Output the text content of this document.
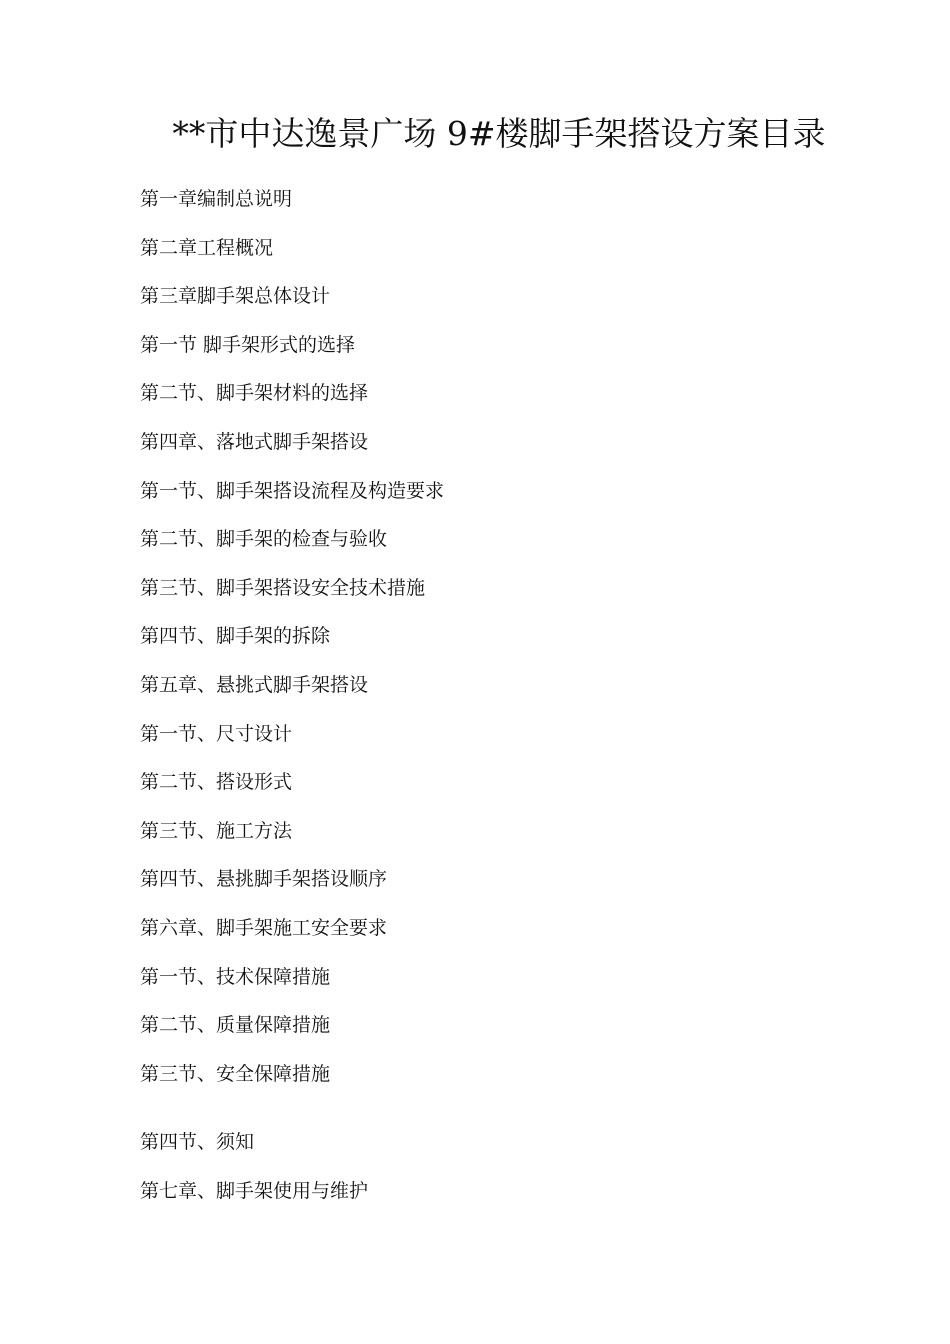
**市中达逸景广场 9#楼脚手架搭设方案目录
第一章编制总说明
第二章工程概况
第三章脚手架总体设计
第一节 脚手架形式的选择
第二节、脚手架材料的选择
第四章、落地式脚手架搭设
第一节、脚手架搭设流程及构造要求
第二节、脚手架的检查与验收
第三节、脚手架搭设安全技术措施
第四节、脚手架的拆除
第五章、悬挑式脚手架搭设
第一节、尺寸设计
第二节、搭设形式
第三节、施工方法
第四节、悬挑脚手架搭设顺序
第六章、脚手架施工安全要求
第一节、技术保障措施
第二节、质量保障措施
第三节、安全保障措施
第四节、须知
第七章、脚手架使用与维护
